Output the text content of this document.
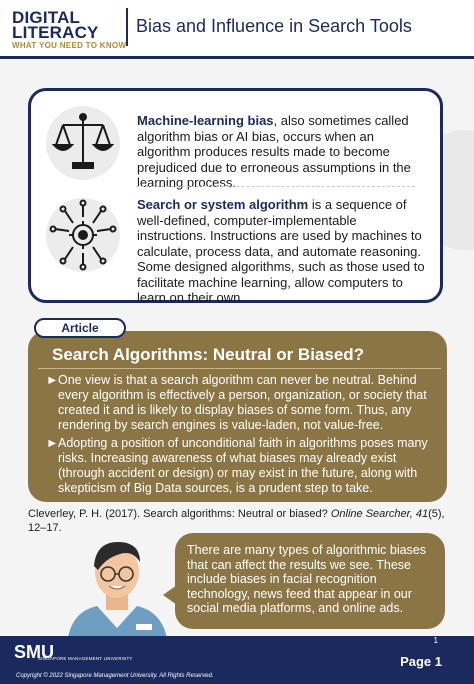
DIGITAL
LITERACY
WHAT YOU NEED TO KNOW
Bias and Influence in Search Tools
Machine-learning bias, also sometimes called algorithm bias or AI bias, occurs when an algorithm produces results made to become prejudiced due to erroneous assumptions in the learning process.
Search or system algorithm is a sequence of well-defined, computer-implementable instructions. Instructions are used by machines to calculate, process data, and automate reasoning. Some designed algorithms, such as those used to facilitate machine learning, allow computers to learn on their own.
Search Algorithms: Neutral or Biased?
► One view is that a search algorithm can never be neutral. Behind every algorithm is effectively a person, organization, or society that created it and is likely to display biases of some form. Thus, any rendering by search engines is value-laden, not value-free.
► Adopting a position of unconditional faith in algorithms poses many risks. Increasing awareness of what biases may already exist (through accident or design) or may exist in the future, along with skepticism of Big Data sources, is a prudent step to take.
Article
Cleverley, P. H. (2017). Search algorithms: Neutral or biased? Online Searcher, 41(5), 12–17.
There are many types of algorithmic biases that can affect the results we see. These include biases in facial recognition technology, news feed that appear in our social media platforms, and online ads.
SMU
SINGAPORE MANAGEMENT UNIVERSITY
Copyright © 2022 Singapore Management University. All Rights Reserved.
1
Page 1
